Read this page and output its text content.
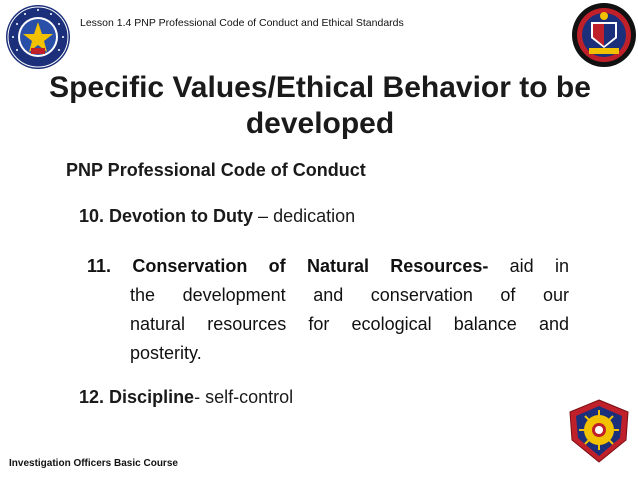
Lesson 1.4 PNP Professional Code of Conduct and Ethical Standards
Specific Values/Ethical Behavior to be developed
PNP Professional Code of Conduct
10. Devotion to Duty – dedication
11. Conservation of Natural Resources- aid in
the development and conservation of our
natural resources for ecological balance and
posterity.
12. Discipline- self-control
Investigation Officers Basic Course
